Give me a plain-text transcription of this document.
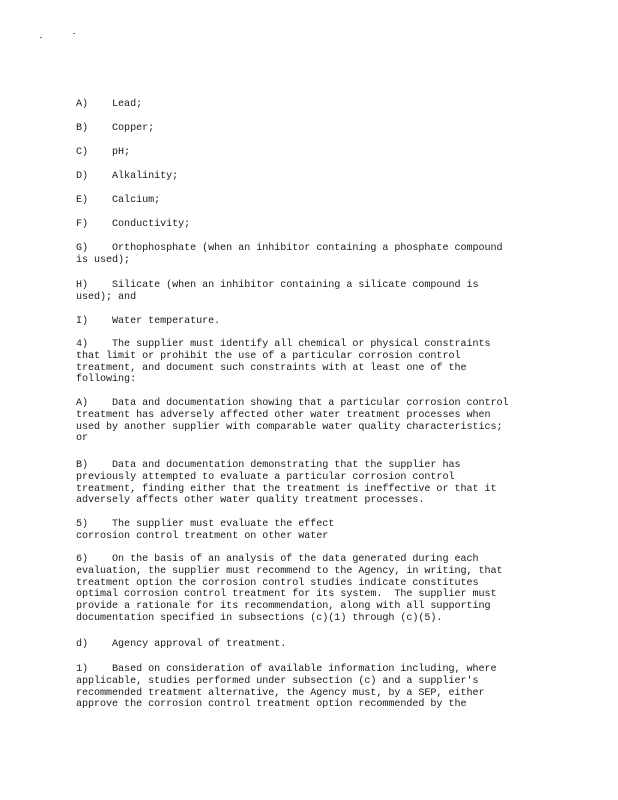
A)    Lead;

B)    Copper;

C)    pH;

D)    Alkalinity;

E)    Calcium;

F)    Conductivity;

G)    Orthophosphate (when an inhibitor containing a phosphate compound
is used);

H)    Silicate (when an inhibitor containing a silicate compound is
used); and

I)    Water temperature.

4)    The supplier must identify all chemical or physical constraints
that limit or prohibit the use of a particular corrosion control
treatment, and document such constraints with at least one of the
following:

A)    Data and documentation showing that a particular corrosion control
treatment has adversely affected other water treatment processes when
used by another supplier with comparable water quality characteristics;
or

B)    Data and documentation demonstrating that the supplier has
previously attempted to evaluate a particular corrosion control
treatment, finding either that the treatment is ineffective or that it
adversely affects other water quality treatment processes.

5)    The supplier must evaluate the effect
corrosion control treatment on other water

6)    On the basis of an analysis of the data generated during each
evaluation, the supplier must recommend to the Agency, in writing, that
treatment option the corrosion control studies indicate constitutes
optimal corrosion control treatment for its system.  The supplier must
provide a rationale for its recommendation, along with all supporting
documentation specified in subsections (c)(1) through (c)(5).

d)    Agency approval of treatment.

1)    Based on consideration of available information including, where
applicable, studies performed under subsection (c) and a supplier's
recommended treatment alternative, the Agency must, by a SEP, either
approve the corrosion control treatment option recommended by the
